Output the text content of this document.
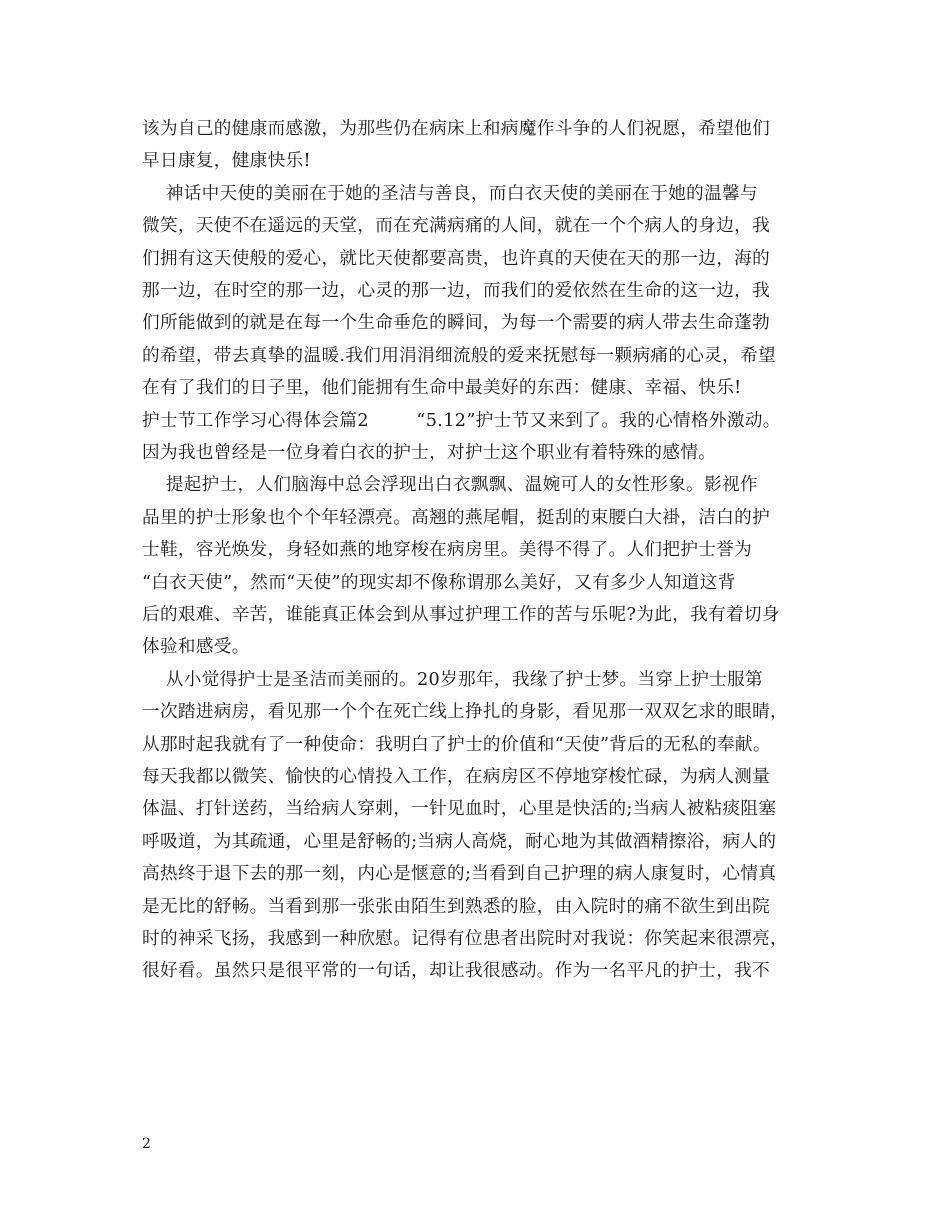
该为自己的健康而感激，为那些仍在病床上和病魔作斗争的人们祝愿，希望他们
早日康复，健康快乐!
神话中天使的美丽在于她的圣洁与善良，而白衣天使的美丽在于她的温馨与
微笑，天使不在遥远的天堂，而在充满病痛的人间，就在一个个病人的身边，我
们拥有这天使般的爱心，就比天使都要高贵，也许真的天使在天的那一边，海的
那一边，在时空的那一边，心灵的那一边，而我们的爱依然在生命的这一边，我
们所能做到的就是在每一个生命垂危的瞬间，为每一个需要的病人带去生命蓬勃
的希望，带去真挚的温暖.我们用涓涓细流般的爱来抚慰每一颗病痛的心灵，希望
在有了我们的日子里，他们能拥有生命中最美好的东西：健康、幸福、快乐!
护士节工作学习心得体会篇2        “5.12”护士节又来到了。我的心情格外激动。
因为我也曾经是一位身着白衣的护士，对护士这个职业有着特殊的感情。
提起护士，人们脑海中总会浮现出白衣飘飘、温婉可人的女性形象。影视作
品里的护士形象也个个年轻漂亮。高翘的燕尾帽，挺刮的束腰白大褂，洁白的护
士鞋，容光焕发，身轻如燕的地穿梭在病房里。美得不得了。人们把护士誉为
“白衣天使”，然而“天使”的现实却不像称谓那么美好，又有多少人知道这背
后的艰难、辛苦，谁能真正体会到从事过护理工作的苦与乐呢?为此，我有着切身
体验和感受。
从小觉得护士是圣洁而美丽的。20岁那年，我缘了护士梦。当穿上护士服第
一次踏进病房，看见那一个个在死亡线上挣扎的身影，看见那一双双乞求的眼睛，
从那时起我就有了一种使命：我明白了护士的价值和“天使”背后的无私的奉献。
每天我都以微笑、愉快的心情投入工作，在病房区不停地穿梭忙碌，为病人测量
体温、打针送药，当给病人穿刺，一针见血时，心里是快活的;当病人被粘痰阻塞
呼吸道，为其疏通，心里是舒畅的;当病人高烧，耐心地为其做酒精擦浴，病人的
高热终于退下去的那一刻，内心是惬意的;当看到自己护理的病人康复时，心情真
是无比的舒畅。当看到那一张张由陌生到熟悉的脸，由入院时的痛不欲生到出院
时的神采飞扬，我感到一种欣慰。记得有位患者出院时对我说：你笑起来很漂亮，
很好看。虽然只是很平常的一句话，却让我很感动。作为一名平凡的护士，我不
2
